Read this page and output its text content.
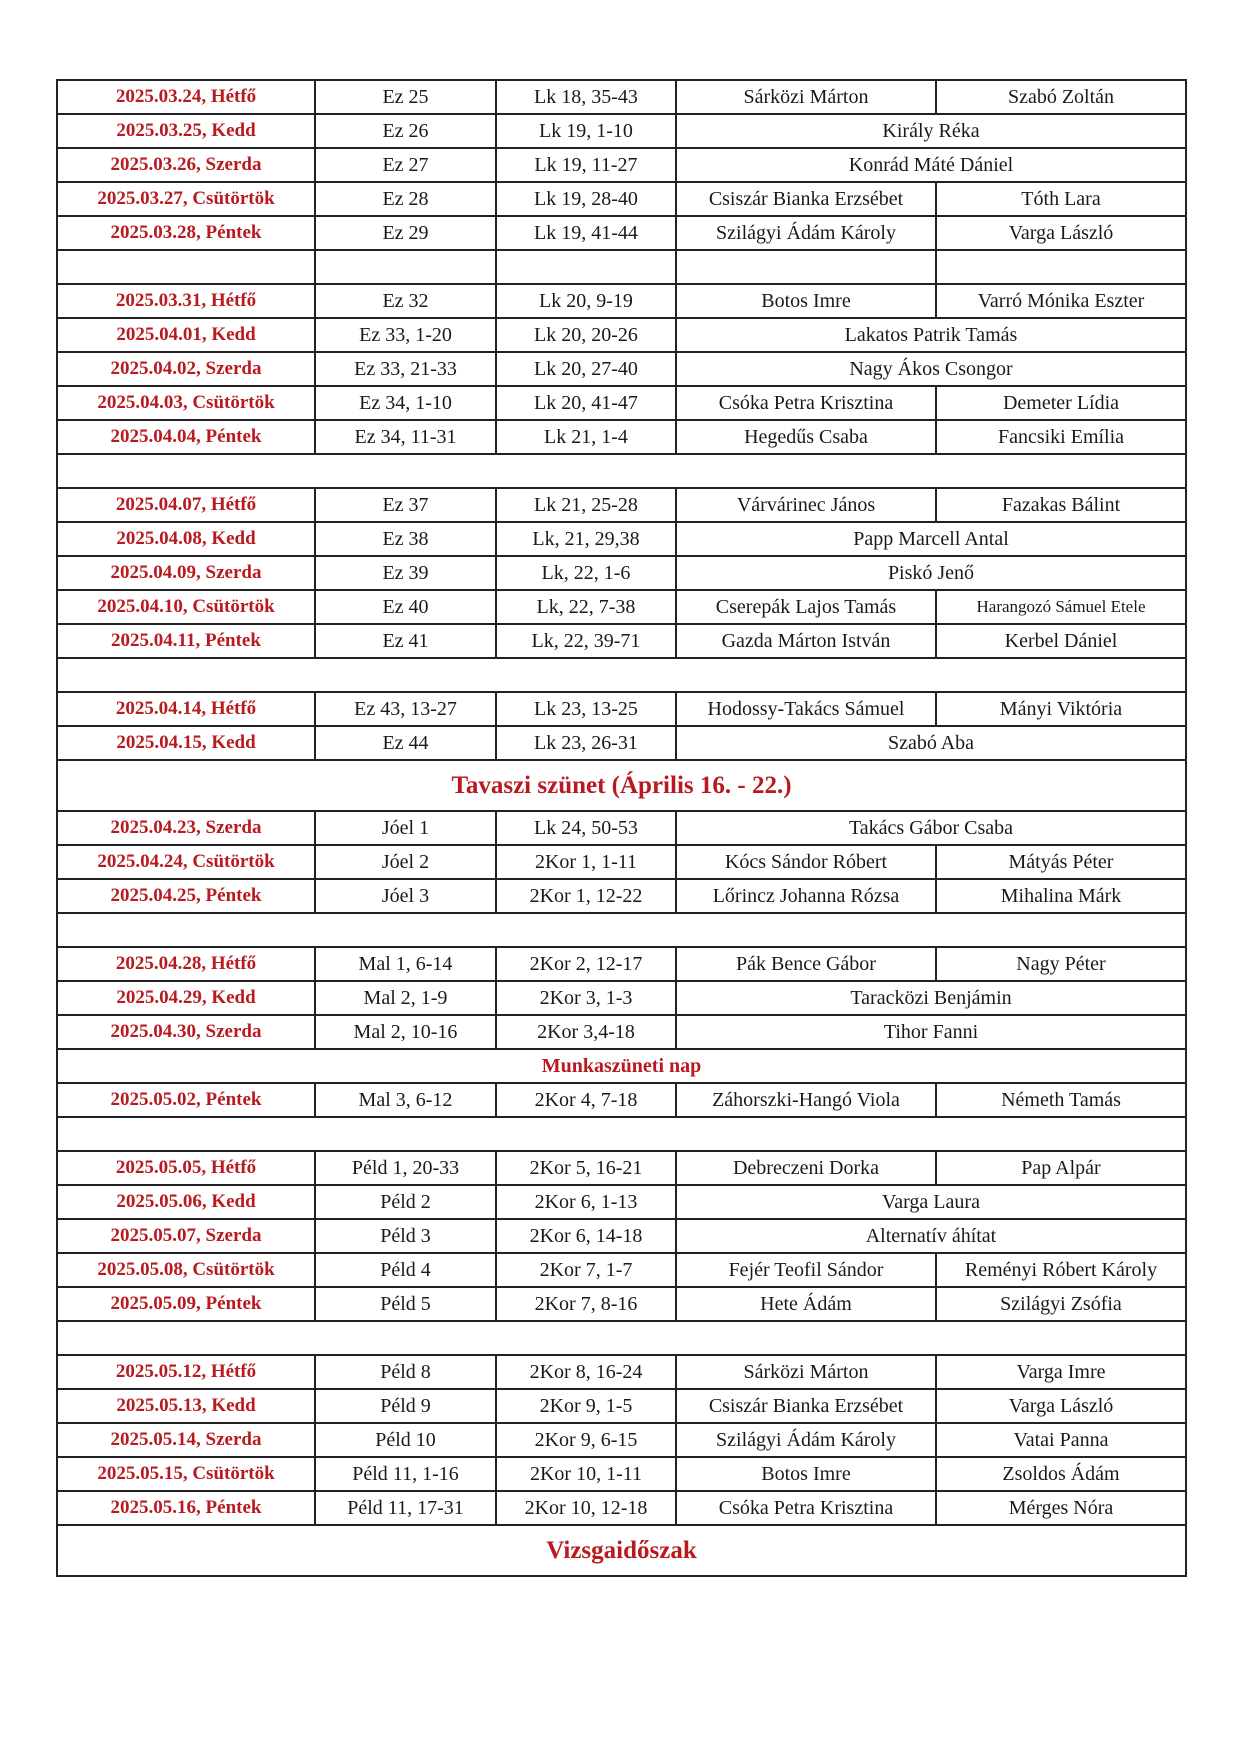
2025.03.24, Hétfő	Ez 25	Lk 18, 35-43	Sárközi Márton	Szabó Zoltán
2025.03.25, Kedd	Ez 26	Lk 19, 1-10	Király Réka	
2025.03.26, Szerda	Ez 27	Lk 19, 11-27	Konrád Máté Dániel	
2025.03.27, Csütörtök	Ez 28	Lk 19, 28-40	Csiszár Bianka Erzsébet	Tóth Lara
2025.03.28, Péntek	Ez 29	Lk 19, 41-44	Szilágyi Ádám Károly	Varga László

2025.03.31, Hétfő	Ez 32	Lk 20, 9-19	Botos Imre	Varró Mónika Eszter
2025.04.01, Kedd	Ez 33, 1-20	Lk 20, 20-26	Lakatos Patrik Tamás	
2025.04.02, Szerda	Ez 33, 21-33	Lk 20, 27-40	Nagy Ákos Csongor	
2025.04.03, Csütörtök	Ez 34, 1-10	Lk 20, 41-47	Csóka Petra Krisztina	Demeter Lídia
2025.04.04, Péntek	Ez 34, 11-31	Lk 21, 1-4	Hegedűs Csaba	Fancsiki Emília

2025.04.07, Hétfő	Ez 37	Lk 21, 25-28	Várvárinec János	Fazakas Bálint
2025.04.08, Kedd	Ez 38	Lk, 21, 29,38	Papp Marcell Antal	
2025.04.09, Szerda	Ez 39	Lk, 22, 1-6	Piskó Jenő	
2025.04.10, Csütörtök	Ez 40	Lk, 22, 7-38	Cserepák Lajos Tamás	Harangozó Sámuel Etele
2025.04.11, Péntek	Ez 41	Lk, 22, 39-71	Gazda Márton István	Kerbel Dániel

2025.04.14, Hétfő	Ez 43, 13-27	Lk 23, 13-25	Hodossy-Takács Sámuel	Mányi Viktória
2025.04.15, Kedd	Ez 44	Lk 23, 26-31	Szabó Aba	
Tavaszi szünet (Április 16. - 22.)				
2025.04.23, Szerda	Jóel 1	Lk 24, 50-53	Takács Gábor Csaba	
2025.04.24, Csütörtök	Jóel 2	2Kor 1, 1-11	Kócs Sándor Róbert	Mátyás Péter
2025.04.25, Péntek	Jóel 3	2Kor 1, 12-22	Lőrincz Johanna Rózsa	Mihalina Márk

2025.04.28, Hétfő	Mal 1, 6-14	2Kor 2, 12-17	Pák Bence Gábor	Nagy Péter
2025.04.29, Kedd	Mal 2, 1-9	2Kor 3, 1-3	Taracközi Benjámin	
2025.04.30, Szerda	Mal 2, 10-16	2Kor 3,4-18	Tihor Fanni	
Munkaszüneti nap				
2025.05.02, Péntek	Mal 3, 6-12	2Kor 4, 7-18	Záhorszki-Hangó Viola	Németh Tamás

2025.05.05, Hétfő	Péld 1, 20-33	2Kor 5, 16-21	Debreczeni Dorka	Pap Alpár
2025.05.06, Kedd	Péld 2	2Kor 6, 1-13	Varga Laura	
2025.05.07, Szerda	Péld 3	2Kor 6, 14-18	Alternatív áhítat	
2025.05.08, Csütörtök	Péld 4	2Kor 7, 1-7	Fejér Teofil Sándor	Reményi Róbert Károly
2025.05.09, Péntek	Péld 5	2Kor 7, 8-16	Hete Ádám	Szilágyi Zsófia

2025.05.12, Hétfő	Péld 8	2Kor 8, 16-24	Sárközi Márton	Varga Imre
2025.05.13, Kedd	Péld 9	2Kor 9, 1-5	Csiszár Bianka Erzsébet	Varga László
2025.05.14, Szerda	Péld 10	2Kor 9, 6-15	Szilágyi Ádám Károly	Vatai Panna
2025.05.15, Csütörtök	Péld 11, 1-16	2Kor 10, 1-11	Botos Imre	Zsoldos Ádám
2025.05.16, Péntek	Péld 11, 17-31	2Kor 10, 12-18	Csóka Petra Krisztina	Mérges Nóra
Vizsgaidőszak				
